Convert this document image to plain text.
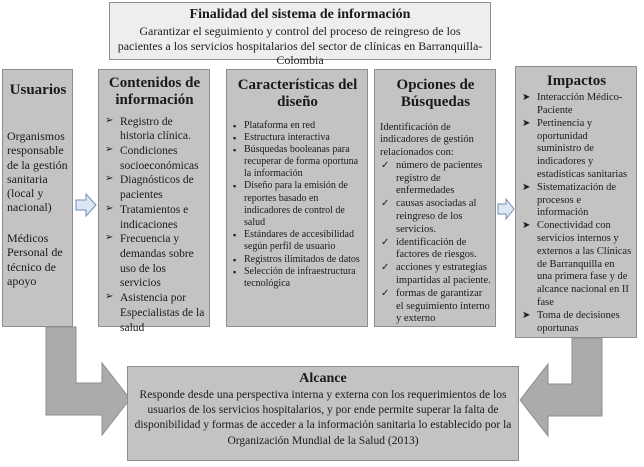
Finalidad del sistema de información
Garantizar el seguimiento y control del proceso de reingreso de los pacientes a los servicios hospitalarios del sector de clínicas en Barranquilla-Colombia
Usuarios
Organismos responsable de la gestión sanitaria (local y nacional)
Médicos Personal de técnico de apoyo
Contenidos de información
➢ Registro de historia clínica.
➢ Condiciones socioeconómicas
➢ Diagnósticos de pacientes
➢ Tratamientos e indicaciones
➢ Frecuencia y demandas sobre uso de los servicios
➢ Asistencia por Especialistas de la salud
Características del diseño
▪ Plataforma en red
▪ Estructura interactiva
▪ Búsquedas booleanas para recuperar de forma oportuna la información
▪ Diseño para la emisión de reportes basado en indicadores de control de salud
▪ Estándares de accesibilidad según perfil de usuario
▪ Registros ilimitados de datos
▪ Selección de infraestructura tecnológica
Opciones de Búsquedas
Identificación de indicadores de gestión relacionados con:
✓ número de pacientes registro de enfermedades
✓ causas asociadas al reingreso de los servicios.
✓ identificación de factores de riesgos.
✓ acciones y estrategias impartidas al paciente.
✓ formas de garantizar el seguimiento interno y externo
Impactos
➤ Interacción Médico-Paciente
➤ Pertinencia y oportunidad suministro de indicadores y estadísticas sanitarias
➤ Sistematización de procesos e información
➤ Conectividad con servicios internos y externos a las Clínicas de Barranquilla en una primera fase y de alcance nacional en II fase
➤ Toma de decisiones oportunas
Alcance
Responde desde una perspectiva interna y externa con los requerimientos de los usuarios de los servicios hospitalarios, y por ende permite superar la falta de disponibilidad y formas de acceder a la información sanitaria lo establecido por la Organización Mundial de la Salud (2013)
